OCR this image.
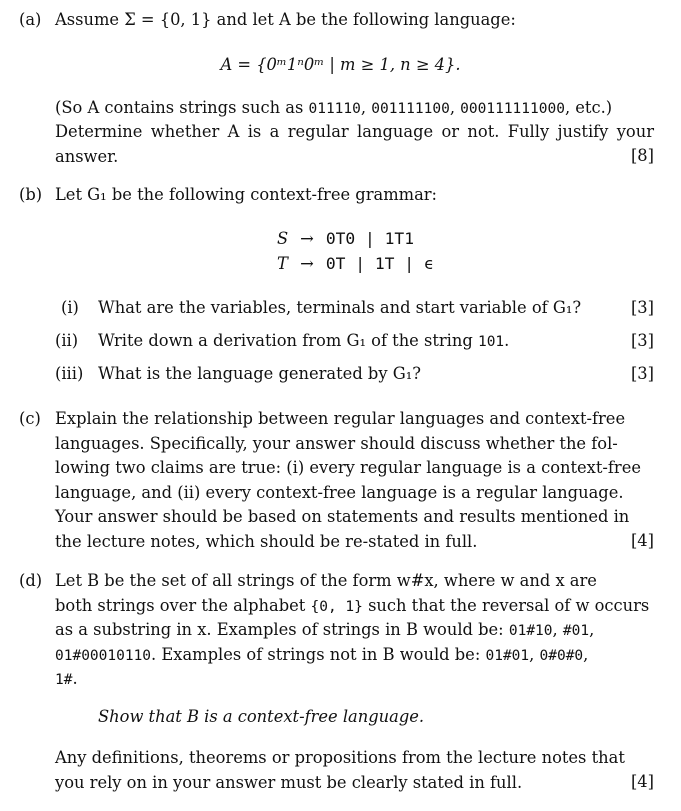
(a) Assume Σ = {0, 1} and let A be the following language:
A = {0ᵐ1ⁿ0ᵐ | m ≥ 1, n ≥ 4}.
(So A contains strings such as 011110, 001111100, 000111111000, etc.)
Determine whether A is a regular language or not. Fully justify your answer.	[8]
(b) Let G₁ be the following context-free grammar:
S	→	0T0 | 1T1
T	→	0T | 1T | ϵ
(i) What are the variables, terminals and start variable of G₁?	[3]
(ii) Write down a derivation from G₁ of the string 101.	[3]
(iii) What is the language generated by G₁?	[3]
(c) Explain the relationship between regular languages and context-free
languages. Specifically, your answer should discuss whether the fol-
lowing two claims are true: (i) every regular language is a context-free
language, and (ii) every context-free language is a regular language.
Your answer should be based on statements and results mentioned in
the lecture notes, which should be re-stated in full.	[4]
(d) Let B be the set of all strings of the form w#x, where w and x are
both strings over the alphabet {0, 1} such that the reversal of w occurs
as a substring in x. Examples of strings in B would be: 01#10, #01,
01#00010110. Examples of strings not in B would be: 01#01, 0#0#0,
1#.
Show that B is a context-free language.
Any definitions, theorems or propositions from the lecture notes that
you rely on in your answer must be clearly stated in full.	[4]
